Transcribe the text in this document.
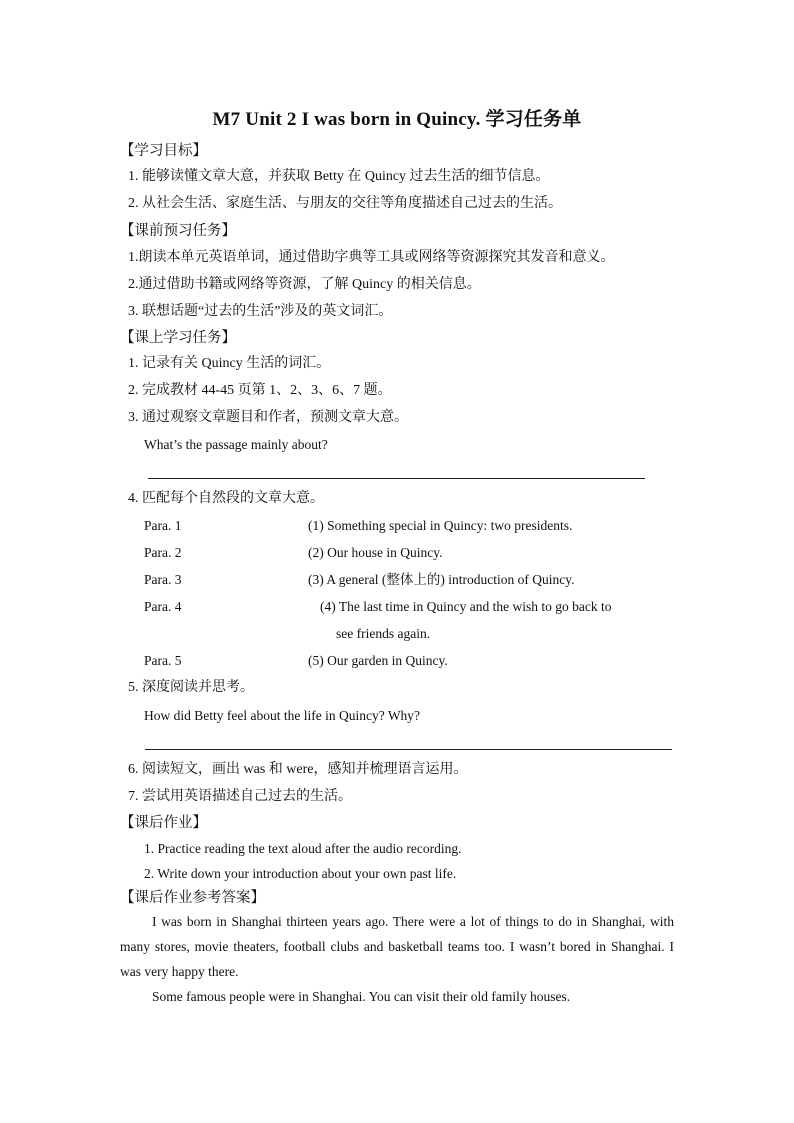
M7 Unit 2 I was born in Quincy. 学习任务单
【学习目标】
1. 能够读懂文章大意，并获取 Betty 在 Quincy 过去生活的细节信息。
2. 从社会生活、家庭生活、与朋友的交往等角度描述自己过去的生活。
【课前预习任务】
1.朗读本单元英语单词，通过借助字典等工具或网络等资源探究其发音和意义。
2.通过借助书籍或网络等资源，了解 Quincy 的相关信息。
3. 联想话题“过去的生活”涉及的英文词汇。
【课上学习任务】
1. 记录有关 Quincy 生活的词汇。
2. 完成教材 44-45 页第 1、2、3、6、7 题。
3. 通过观察文章题目和作者，预测文章大意。
What’s the passage mainly about?
4. 匹配每个自然段的文章大意。
Para. 1	(1) Something special in Quincy: two presidents.
Para. 2	(2) Our house in Quincy.
Para. 3	(3) A general (整体上的) introduction of Quincy.
Para. 4	(4) The last time in Quincy and the wish to go back to
see friends again.
Para. 5	(5) Our garden in Quincy.
5. 深度阅读并思考。
How did Betty feel about the life in Quincy? Why?
6. 阅读短文，画出 was 和 were，感知并梳理语言运用。
7. 尝试用英语描述自己过去的生活。
【课后作业】
1. Practice reading the text aloud after the audio recording.
2. Write down your introduction about your own past life.
【课后作业参考答案】
I was born in Shanghai thirteen years ago. There were a lot of things to do in Shanghai, with many stores, movie theaters, football clubs and basketball teams too. I wasn’t bored in Shanghai. I was very happy there.
Some famous people were in Shanghai. You can visit their old family houses.
